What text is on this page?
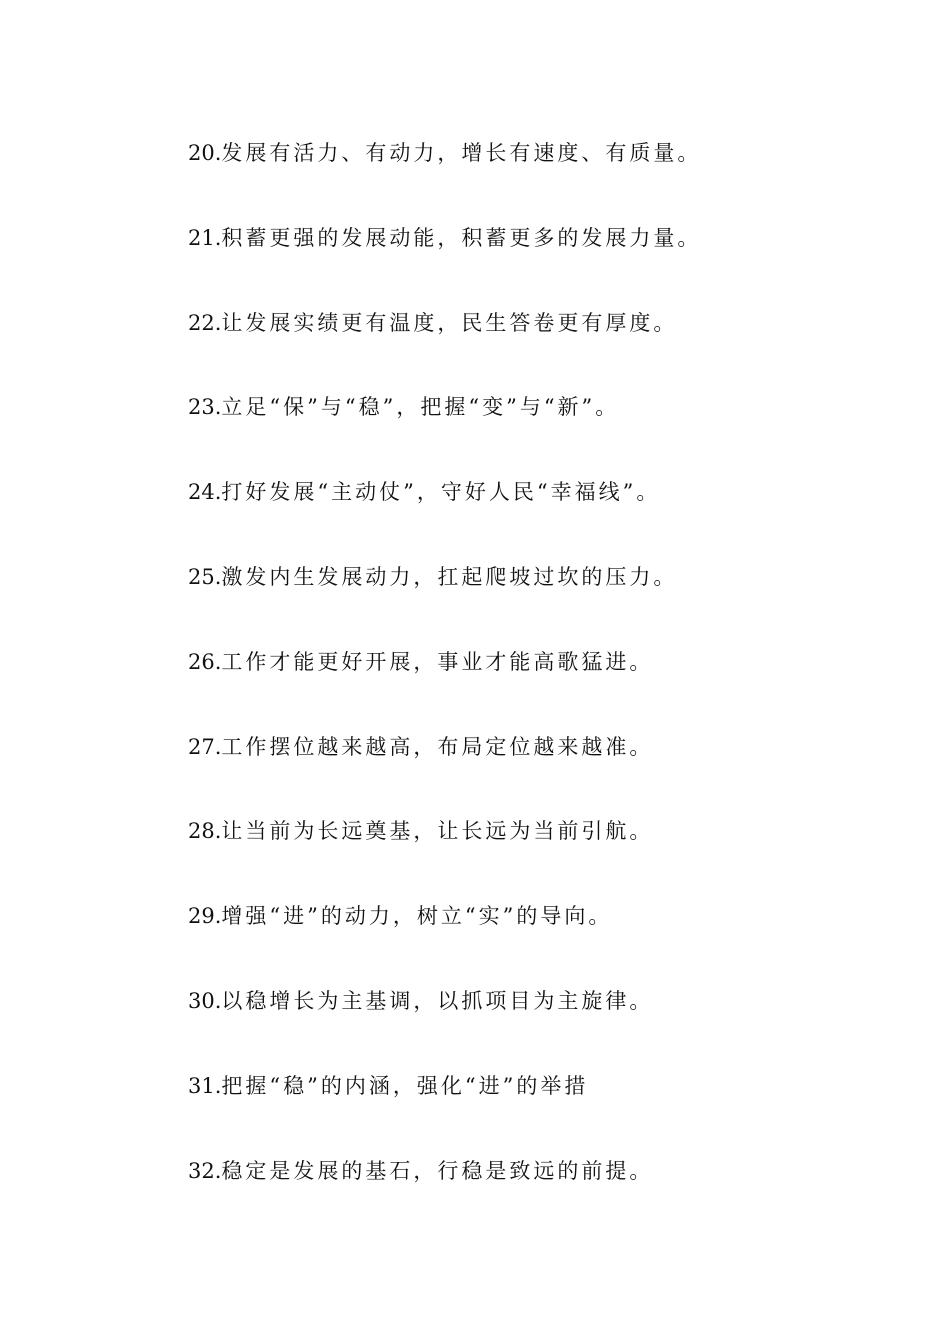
20. 发展有活力、有动力，增长有速度、有质量。
21. 积蓄更强的发展动能，积蓄更多的发展力量。
22. 让发展实绩更有温度，民生答卷更有厚度。
23. 立足“保”与“稳”，把握“变”与“新”。
24. 打好发展“主动仗”，守好人民“幸福线”。
25. 激发内生发展动力，扛起爬坡过坎的压力。
26. 工作才能更好开展，事业才能高歌猛进。
27. 工作摆位越来越高，布局定位越来越准。
28. 让当前为长远奠基，让长远为当前引航。
29. 增强“进”的动力，树立“实”的导向。
30. 以稳增长为主基调，以抓项目为主旋律。
31. 把握“稳”的内涵，强化“进”的举措
32. 稳定是发展的基石，行稳是致远的前提。
